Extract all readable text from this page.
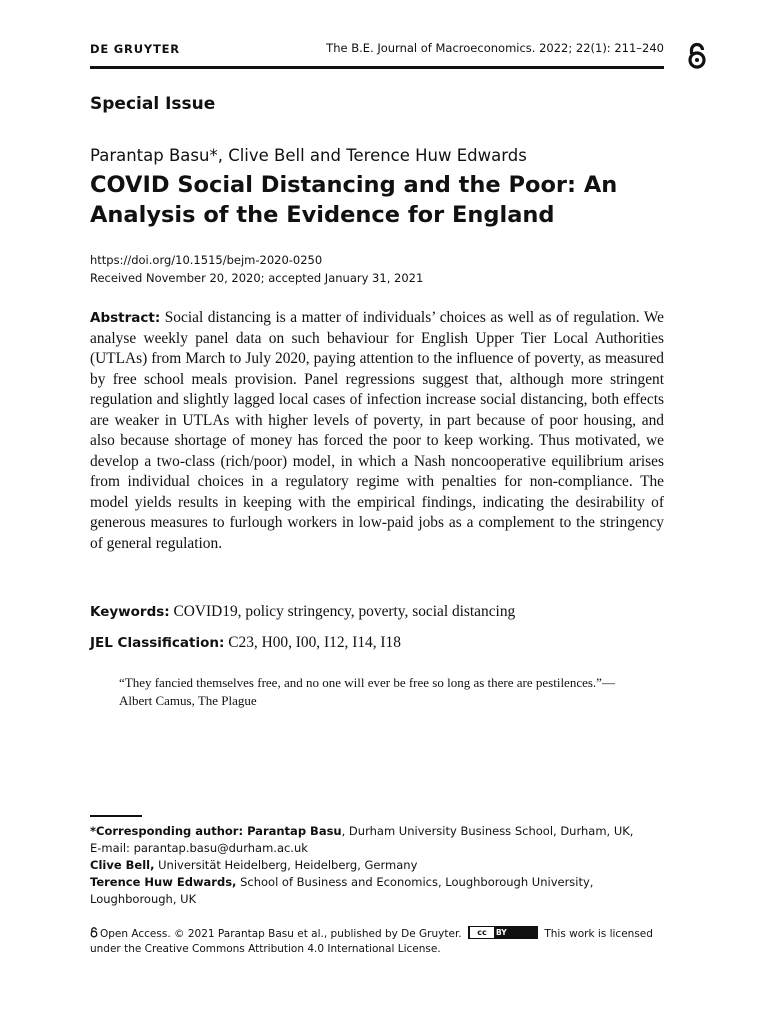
DE GRUYTER	The B.E. Journal of Macroeconomics. 2022; 22(1): 211–240
Special Issue
Parantap Basu*, Clive Bell and Terence Huw Edwards
COVID Social Distancing and the Poor: An
Analysis of the Evidence for England
https://doi.org/10.1515/bejm-2020-0250
Received November 20, 2020; accepted January 31, 2021
Abstract: Social distancing is a matter of individuals’ choices as well as of regulation. We analyse weekly panel data on such behaviour for English Upper Tier Local Authorities (UTLAs) from March to July 2020, paying attention to the influence of poverty, as measured by free school meals provision. Panel regressions suggest that, although more stringent regulation and slightly lagged local cases of infection increase social distancing, both effects are weaker in UTLAs with higher levels of poverty, in part because of poor housing, and also because shortage of money has forced the poor to keep working. Thus motivated, we develop a two-class (rich/poor) model, in which a Nash noncooperative equilibrium arises from individual choices in a regulatory regime with penalties for non-compliance. The model yields results in keeping with the empirical findings, indicating the desirability of generous measures to furlough workers in low-paid jobs as a complement to the stringency of general regulation.
Keywords: COVID19, policy stringency, poverty, social distancing
JEL Classification: C23, H00, I00, I12, I14, I18
“They fancied themselves free, and no one will ever be free so long as there are pestilences.”—
Albert Camus, The Plague

*Corresponding author: Parantap Basu, Durham University Business School, Durham, UK,

E-mail: parantap.basu@durham.ac.uk

Clive Bell, Universität Heidelberg, Heidelberg, Germany

Terence Huw Edwards, School of Business and Economics, Loughborough University,

Loughborough, UK

Open Access. © 2021 Parantap Basu et al., published by De Gruyter.	cc	BY	This work is licensed
under the Creative Commons Attribution 4.0 International License.
